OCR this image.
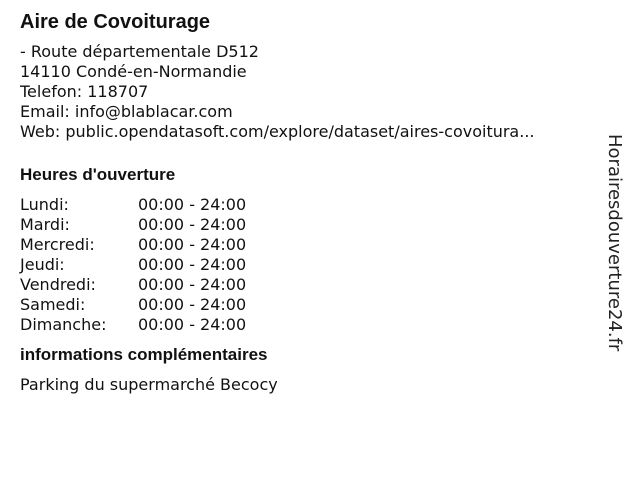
Aire de Covoiturage
- Route départementale D512
14110 Condé-en-Normandie
Telefon: 118707
Email: info@blablacar.com
Web: public.opendatasoft.com/explore/dataset/aires-covoitura...
Heures d'ouverture
Lundi:	00:00 - 24:00
Mardi:	00:00 - 24:00
Mercredi:	00:00 - 24:00
Jeudi:	00:00 - 24:00
Vendredi:	00:00 - 24:00
Samedi:	00:00 - 24:00
Dimanche:	00:00 - 24:00
informations complémentaires
Parking du supermarché Becocy
Horairesdouverture24.fr
